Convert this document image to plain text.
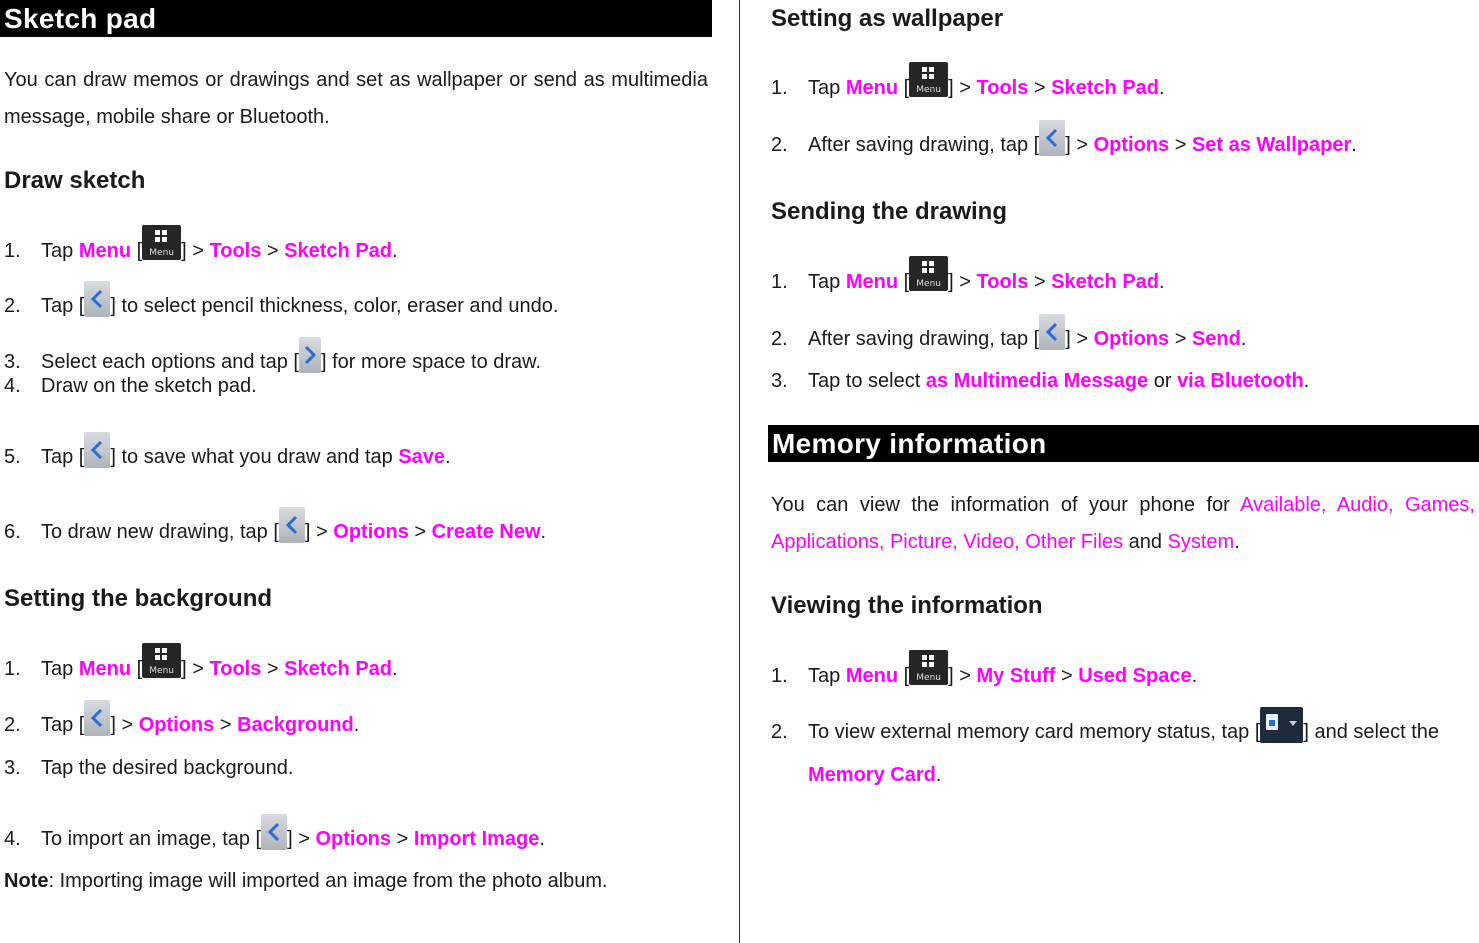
Sketch pad
You can draw memos or drawings and set as wallpaper or send as multimedia message, mobile share or Bluetooth.
Draw sketch
1. Tap Menu [ Menu ] > Tools > Sketch Pad.
2. Tap [ ] to select pencil thickness, color, eraser and undo.
3. Select each options and tap [ ] for more space to draw.
4. Draw on the sketch pad.
5. Tap [ ] to save what you draw and tap Save.
6. To draw new drawing, tap [ ] > Options > Create New.
Setting the background
1. Tap Menu [ Menu ] > Tools > Sketch Pad.
2. Tap [ ] > Options > Background.
3. Tap the desired background.
4. To import an image, tap [ ] > Options > Import Image.
Note: Importing image will imported an image from the photo album.
Setting as wallpaper
1. Tap Menu [ Menu ] > Tools > Sketch Pad.
2. After saving drawing, tap [ ] > Options > Set as Wallpaper.
Sending the drawing
1. Tap Menu [ Menu ] > Tools > Sketch Pad.
2. After saving drawing, tap [ ] > Options > Send.
3. Tap to select as Multimedia Message or via Bluetooth.
Memory information
You can view the information of your phone for Available, Audio, Games, Applications, Picture, Video, Other Files and System.
Viewing the information
1. Tap Menu [ Menu ] > My Stuff > Used Space.
2. To view external memory card memory status, tap [ ] and select the
Memory Card.
